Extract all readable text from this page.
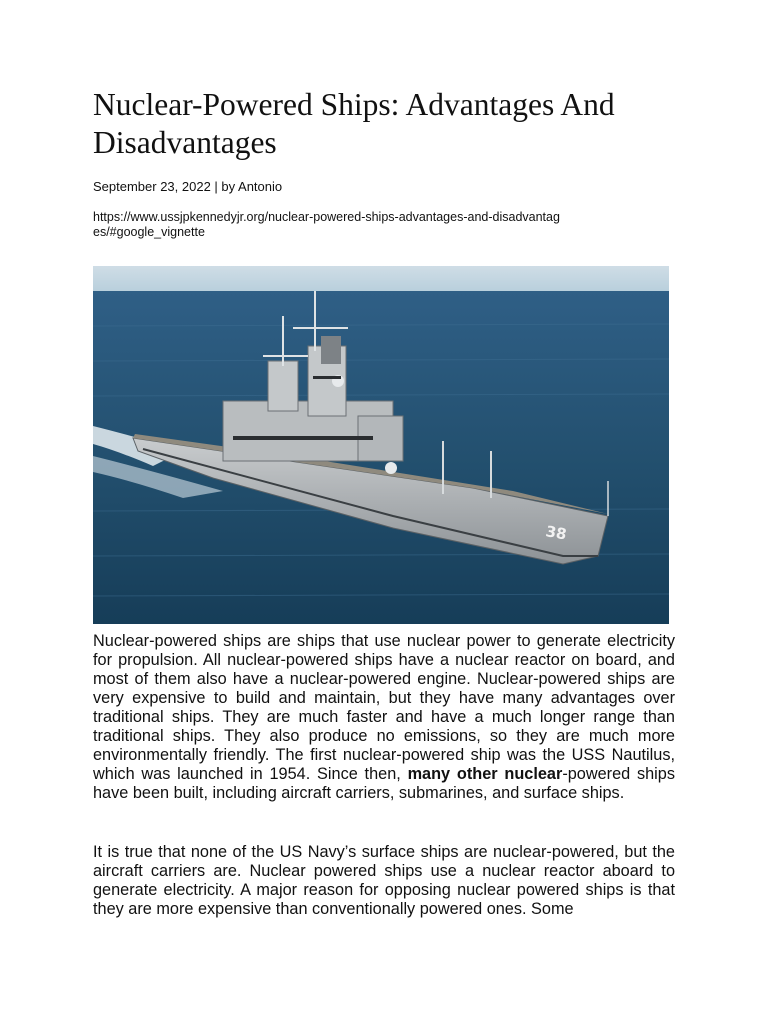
Nuclear-Powered Ships: Advantages And Disadvantages
September 23, 2022 | by Antonio
https://www.ussjpkennedyjr.org/nuclear-powered-ships-advantages-and-disadvantages/#google_vignette
38

Nuclear-powered ships are ships that use nuclear power to generate electricity for propulsion. All nuclear-powered ships have a nuclear reactor on board, and most of them also have a nuclear-powered engine. Nuclear-powered ships are very expensive to build and maintain, but they have many advantages over traditional ships. They are much faster and have a much longer range than traditional ships. They also produce no emissions, so they are much more environmentally friendly. The first nuclear-powered ship was the USS Nautilus, which was launched in 1954. Since then, many other nuclear-powered ships have been built, including aircraft carriers, submarines, and surface ships.

It is true that none of the US Navy’s surface ships are nuclear-powered, but the aircraft carriers are. Nuclear powered ships use a nuclear reactor aboard to generate electricity. A major reason for opposing nuclear powered ships is that they are more expensive than conventionally powered ones. Some
